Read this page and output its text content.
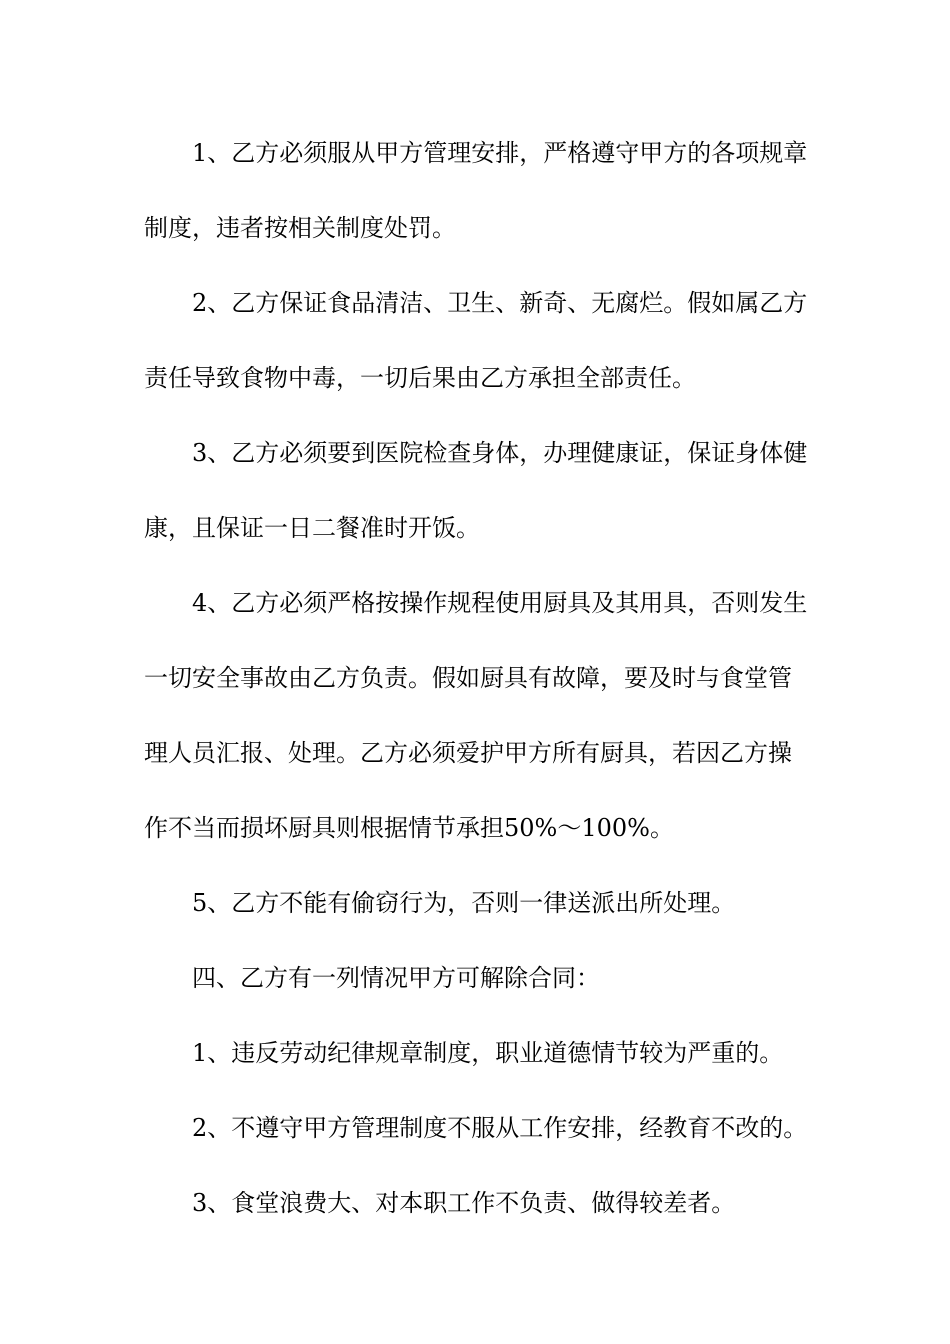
1、乙方必须服从甲方管理安排，严格遵守甲方的各项规章

制度，违者按相关制度处罚。

2、乙方保证食品清洁、卫生、新奇、无腐烂。假如属乙方

责任导致食物中毒，一切后果由乙方承担全部责任。

3、乙方必须要到医院检查身体，办理健康证，保证身体健

康，且保证一日二餐准时开饭。

4、乙方必须严格按操作规程使用厨具及其用具，否则发生

一切安全事故由乙方负责。假如厨具有故障，要及时与食堂管

理人员汇报、处理。乙方必须爱护甲方所有厨具，若因乙方操

作不当而损坏厨具则根据情节承担50%～100%。

5、乙方不能有偷窃行为，否则一律送派出所处理。

四、乙方有一列情况甲方可解除合同：

1、违反劳动纪律规章制度，职业道德情节较为严重的。

2、不遵守甲方管理制度不服从工作安排，经教育不改的。

3、食堂浪费大、对本职工作不负责、做得较差者。
